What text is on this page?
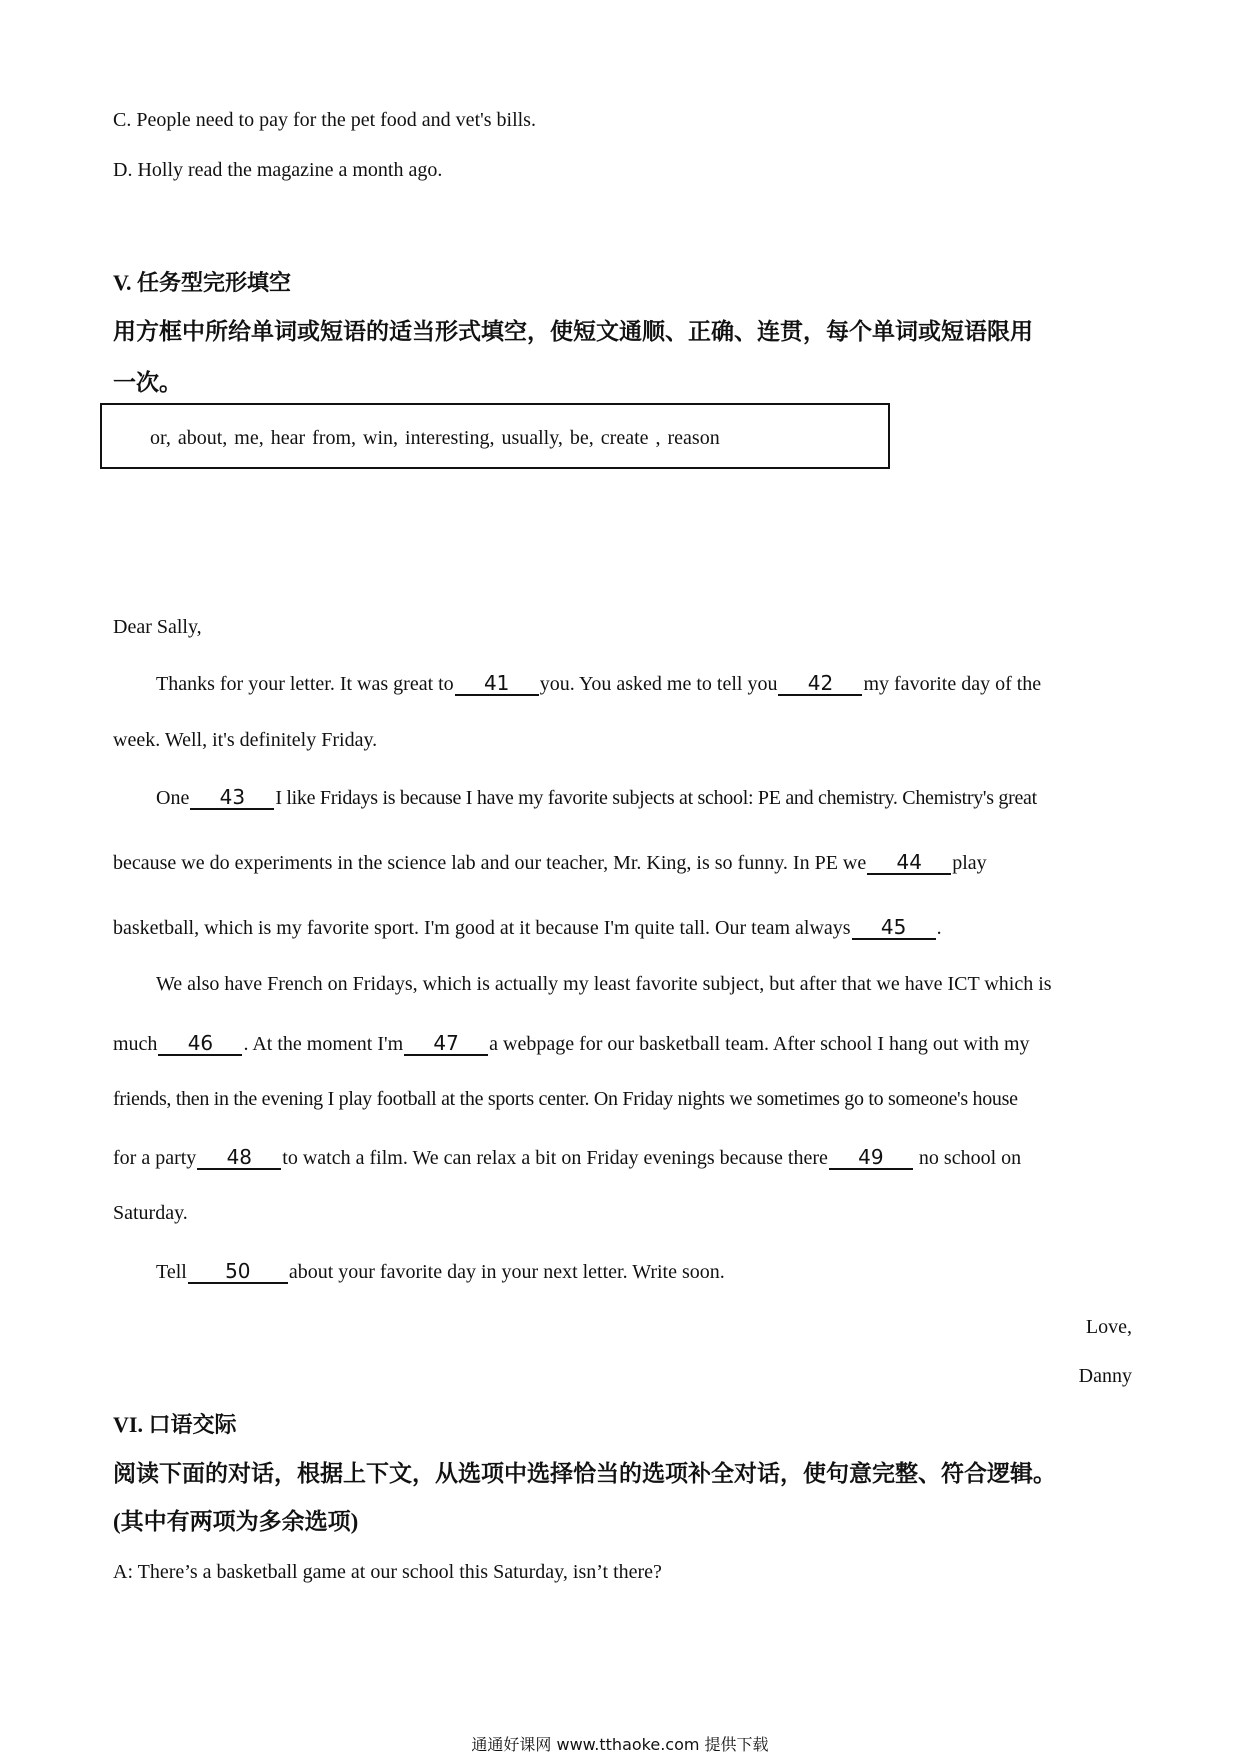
C. People need to pay for the pet food and vet's bills.
D. Holly read the magazine a month ago.
V. 任务型完形填空
用方框中所给单词或短语的适当形式填空，使短文通顺、正确、连贯，每个单词或短语限用
一次。
or, about, me, hear from, win, interesting, usually, be, create , reason
Dear Sally,
Thanks for your letter. It was great to 41 you. You asked me to tell you 42 my favorite day of the
week. Well, it's definitely Friday.
One 43 I like Fridays is because I have my favorite subjects at school: PE and chemistry. Chemistry's great
because we do experiments in the science lab and our teacher, Mr. King, is so funny. In PE we 44 play
basketball, which is my favorite sport. I'm good at it because I'm quite tall. Our team always 45 .
We also have French on Fridays, which is actually my least favorite subject, but after that we have ICT which is
much 46 . At the moment I'm 47 a webpage for our basketball team. After school I hang out with my
friends, then in the evening I play football at the sports center. On Friday nights we sometimes go to someone's house
for a party 48 to watch a film. We can relax a bit on Friday evenings because there 49 no school on
Saturday.
Tell 50 about your favorite day in your next letter. Write soon.
Love,
Danny
VI. 口语交际
阅读下面的对话，根据上下文，从选项中选择恰当的选项补全对话，使句意完整、符合逻辑。
(其中有两项为多余选项)
A: There’s a basketball game at our school this Saturday, isn’t there?
通通好课网 www.tthaoke.com 提供下载
